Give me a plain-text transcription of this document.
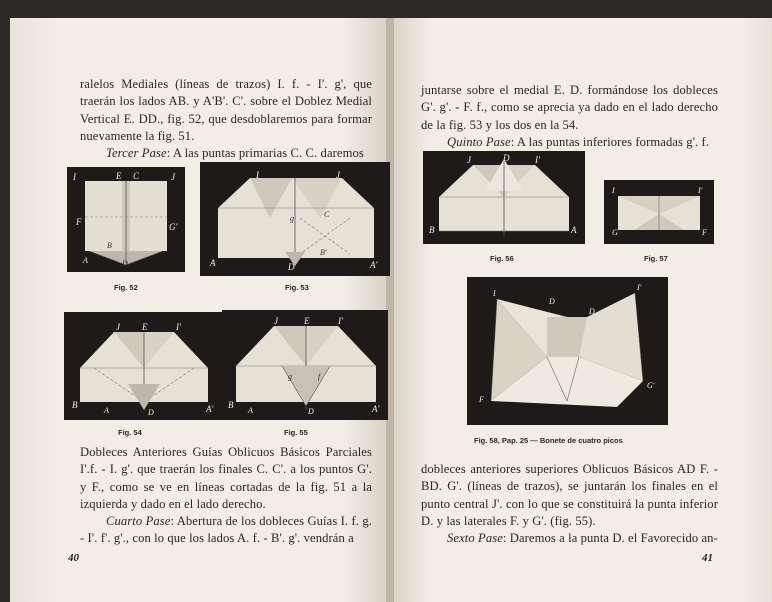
ralelos Mediales (líneas de trazos) I. f. - I'. g', que traerán los lados AB. y A'B'. C'. sobre el Doblez Medial Vertical E. DD., fig. 52, que desdoblaremos para formar nuevamente la fig. 51.

Tercer Pase: A las puntas primarias C. C. daremos

I	E C	J
F	G'
B
A	D
Fig. 52
I	J
C
g
A	D
B'
A'
Fig. 53
J E	I'
B
A	D	A'
Fig. 54
J	E	I'
g	f
B
A	D	A'
Fig. 55

Dobleces Anteriores Guías Oblicuos Básicos Parciales I'.f. - I. g'. que traerán los finales C. C'. a los puntos G'. y F., como se ve en líneas cortadas de la fig. 51 a la izquierda y dado en el lado derecho.

Cuarto Pase: Abertura de los dobleces Guías I. f. g. - I'. f'. g'., con lo que los lados A. f. - B'. g'. vendrán a

40

juntarse sobre el medial E. D. formándose los dobleces G'. g'. - F. f., como se aprecia ya dado en el lado derecho de la fig. 53 y los dos en la 54.

Quinto Pase: A las puntas inferiores formadas g'. f.

J	D	I'
B	A
Fig. 56
I	I'
G	F
Fig. 57
I
D
D
I'
G'
F
Fig. 58, Pap. 25 — Bonete de cuatro picos

dobleces anteriores superiores Oblicuos Básicos AD F. - BD. G'. (líneas de trazos), se juntarán los finales en el punto central J'. con lo que se constituirá la punta inferior D. y las laterales F. y G'. (fig. 55).

Sexto Pase: Daremos a la punta D. el Favorecido an-

41
